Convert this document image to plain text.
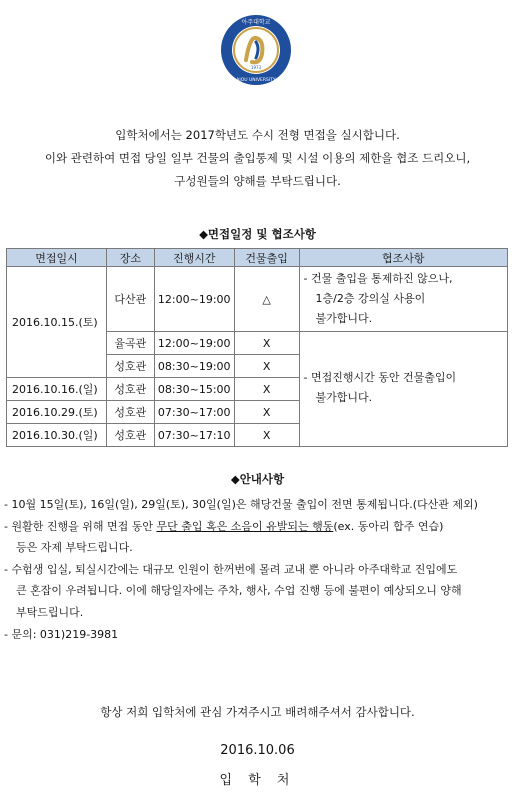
아주대학교
1973
AJOU UNIVERSITY
입학처에서는 2017학년도 수시 전형 면접을 실시합니다.
이와 관련하여 면접 당일 일부 건물의 출입통제 및 시설 이용의 제한을 협조 드리오니,
구성원들의 양해를 부탁드립니다.
◆면접일정 및 협조사항
면접일시	장소	진행시간	건물출입	협조사항
2016.10.15.(토)	다산관	12:00~19:00	△	- 건물 출입을 통제하진 않으나,
1층/2층 강의실 사용이
불가합니다.

	율곡관	12:00~19:00	X	- 면접진행시간 동안 건물출입이
불가합니다.

	성호관	08:30~19:00	X	
2016.10.16.(일)	성호관	08:30~15:00	X	
2016.10.29.(토)	성호관	07:30~17:00	X	
2016.10.30.(일)	성호관	07:30~17:10	X	
◆안내사항
- 10월 15일(토), 16일(일), 29일(토), 30일(일)은 해당건물 출입이 전면 통제됩니다.(다산관 제외)
- 원활한 진행을 위해 면접 동안 무단 출입 혹은 소음이 유발되는 행동(ex. 동아리 합주 연습)
등은 자제 부탁드립니다.
- 수험생 입실, 퇴실시간에는 대규모 인원이 한꺼번에 몰려 교내 뿐 아니라 아주대학교 진입에도
큰 혼잡이 우려됩니다. 이에 해당일자에는 주차, 행사, 수업 진행 등에 불편이 예상되오니 양해
부탁드립니다.
- 문의: 031)219-3981
항상 저희 입학처에 관심 가져주시고 배려해주셔서 감사합니다.
2016.10.06
입 학 처
